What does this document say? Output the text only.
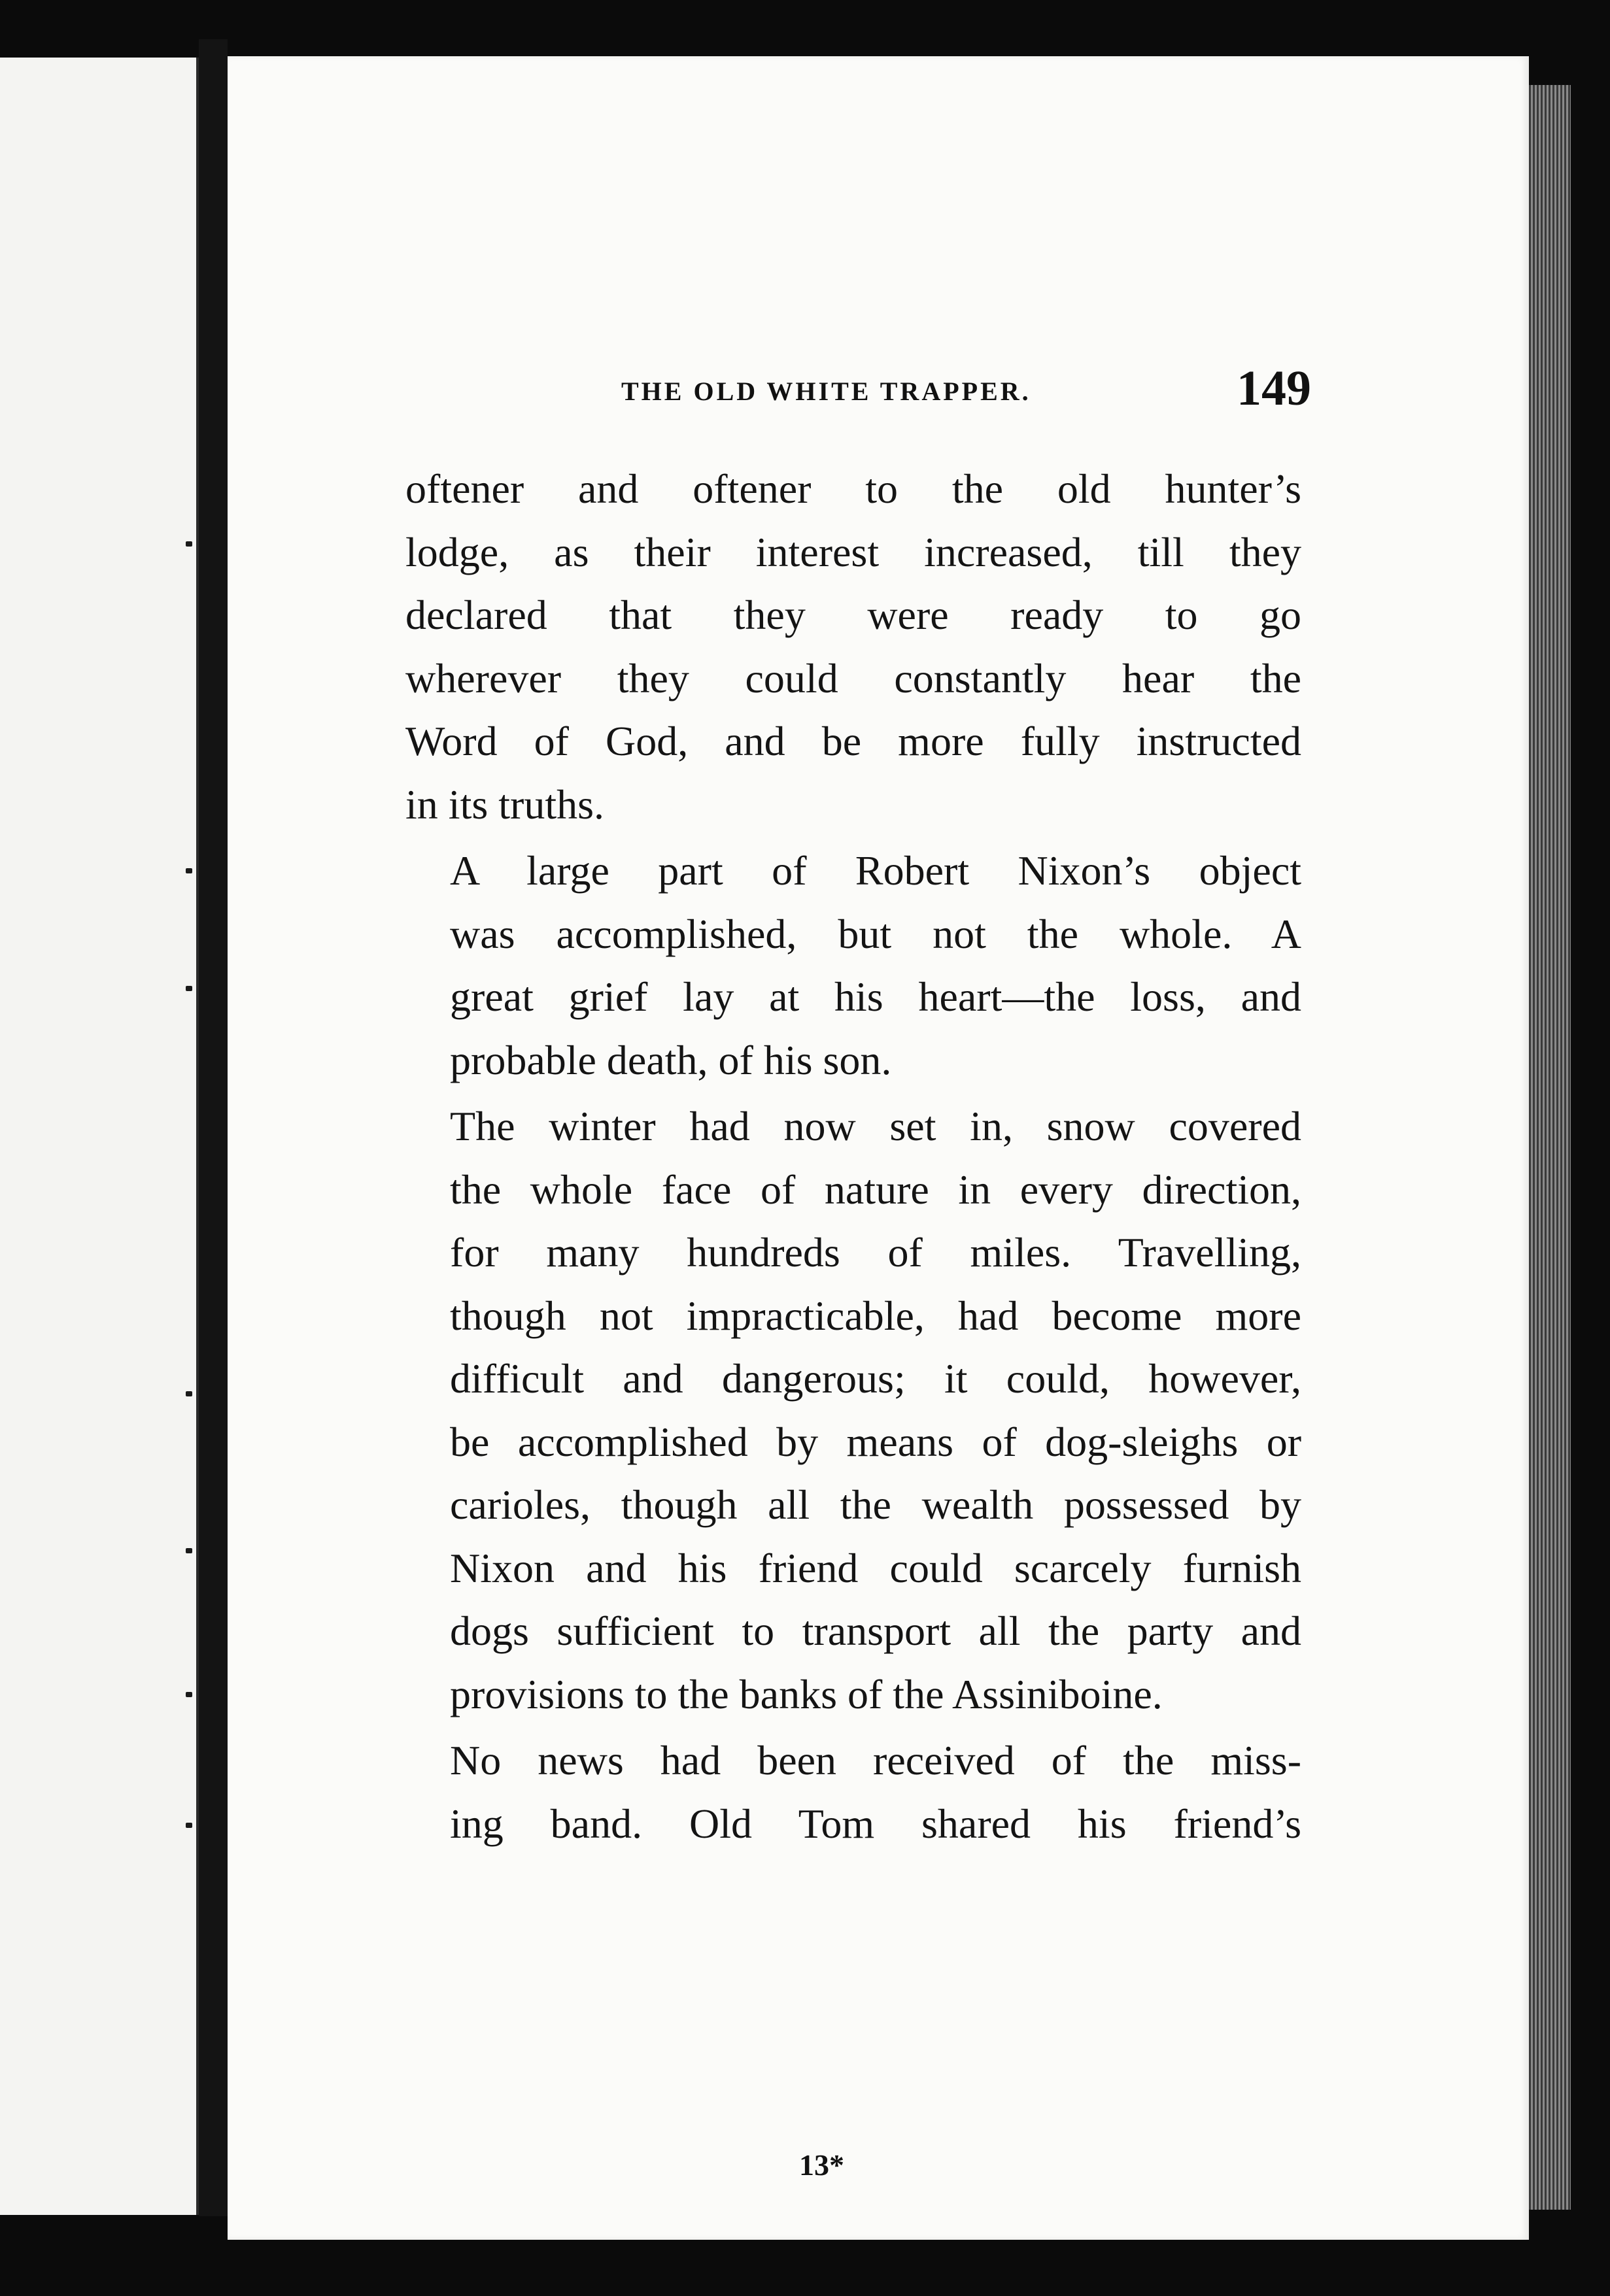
THE OLD WHITE TRAPPER.	149

oftener and oftener to the old hunter’s
lodge, as their interest increased, till they
declared that they were ready to go
wherever they could constantly hear the
Word of God, and be more fully instructed
in its truths.

A large part of Robert Nixon’s object
was accomplished, but not the whole. A
great grief lay at his heart—the loss, and
probable death, of his son.

The winter had now set in, snow covered
the whole face of nature in every direction,
for many hundreds of miles. Travelling,
though not impracticable, had become more
difficult and dangerous; it could, however,
be accomplished by means of dog-sleighs or
carioles, though all the wealth possessed by
Nixon and his friend could scarcely furnish
dogs sufficient to transport all the party and
provisions to the banks of the Assiniboine.

No news had been received of the miss-
ing band. Old Tom shared his friend’s

13*
